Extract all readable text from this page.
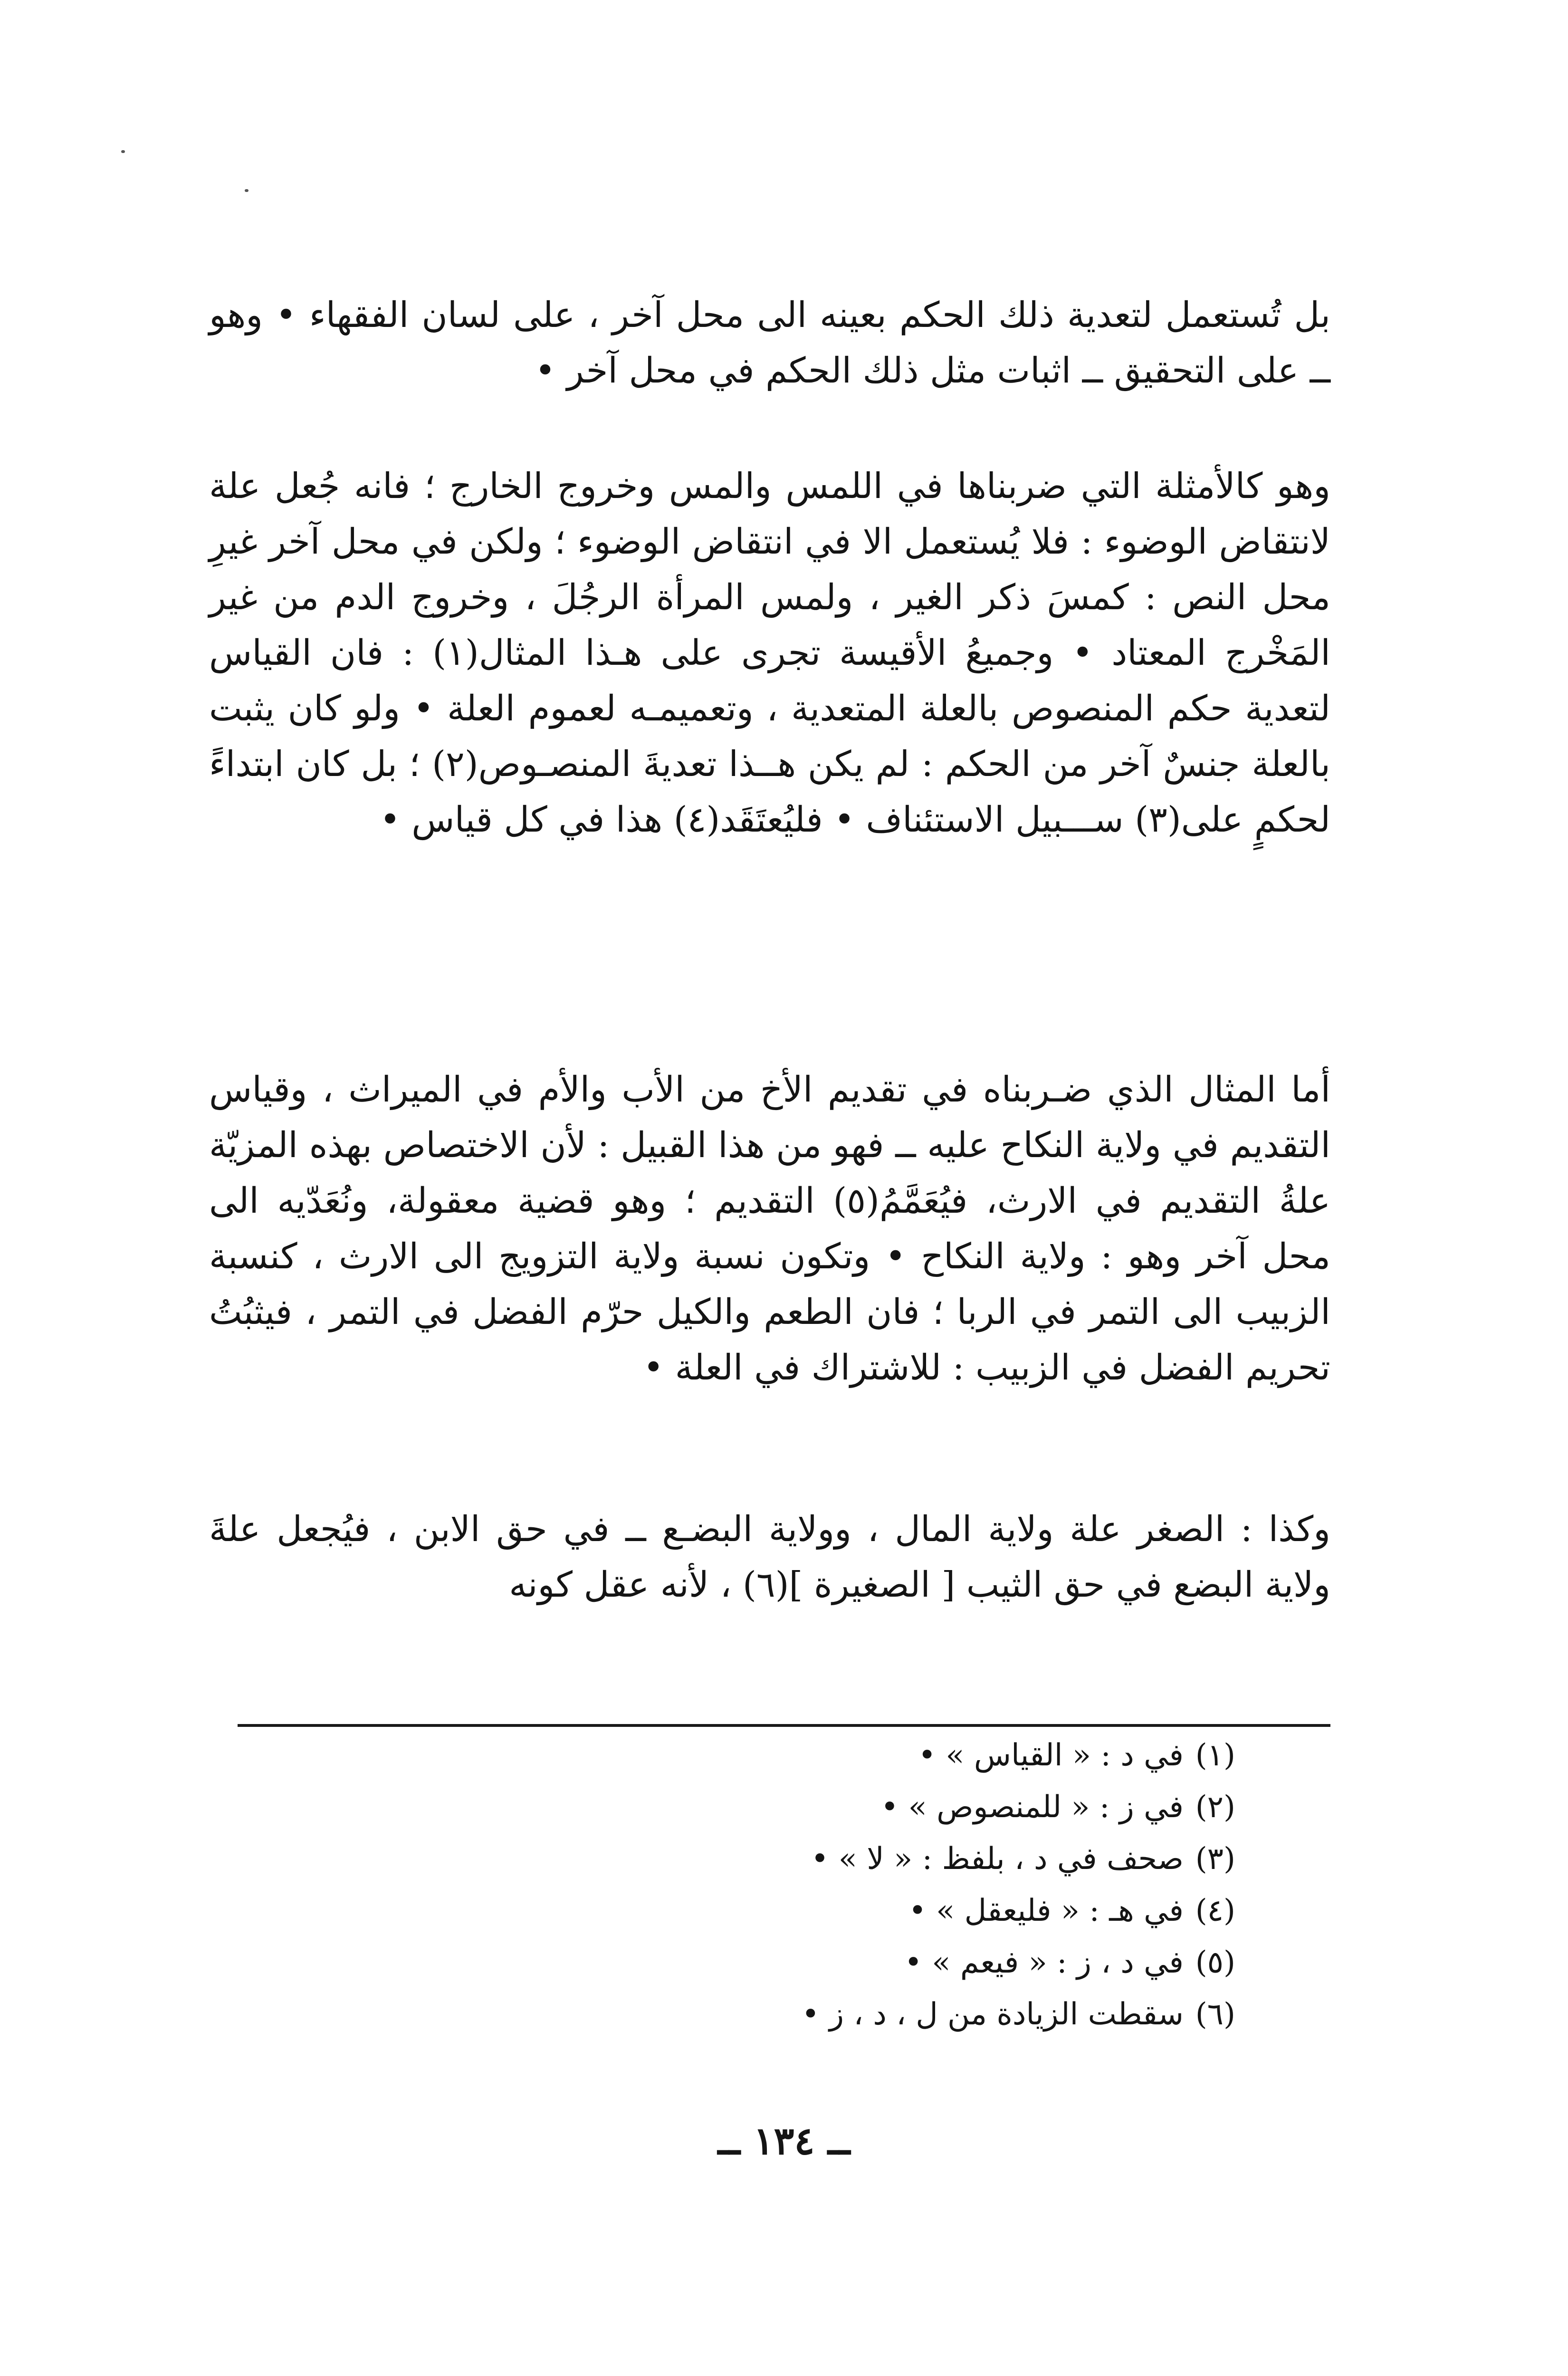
بل تُستعمل لتعدية ذلك الحكم بعينه الى محل آخر ، على لسان الفقهاء • وهو ــ على التحقيق ــ اثبات مثل ذلك الحكم في محل آخر •

وهو كالأمثلة التي ضربناها في اللمس والمس وخروج الخارج ؛ فانه جُعل علة لانتقاض الوضوء : فلا يُستعمل الا في انتقاض الوضوء ؛ ولكن في محل آخر غيرِ محل النص : كمسَ ذكر الغير ، ولمس المرأة الرجُلَ ، وخروج الدم من غير المَخْرج المعتاد • وجميعُ الأقيسة تجرى على هـذا المثال(١) : فان القياس لتعدية حكم المنصوص بالعلة المتعدية ، وتعميمـه لعموم العلة • ولو كان يثبت بالعلة جنسٌ آخر من الحكم : لم يكن هــذا تعديةَ المنصـوص(٢) ؛ بل كان ابتداءً لحكمٍ على(٣) ســـبيل الاستئناف • فليُعتَقَد(٤) هذا في كل قياس •

أما المثال الذي ضـربناه في تقديم الأخ من الأب والأم في الميراث ، وقياس التقديم في ولاية النكاح عليه ــ فهو من هذا القبيل : لأن الاختصاص بهذه المزيّة علةُ التقديم في الارث، فيُعَمَّمُ(٥) التقديم ؛ وهو قضية معقولة، ونُعَدّيه الى محل آخر وهو : ولاية النكاح • وتكون نسبة ولاية التزويج الى الارث ، كنسبة الزبيب الى التمر في الربا ؛ فان الطعم والكيل حرّم الفضل في التمر ، فيثبُتُ تحريم الفضل في الزبيب : للاشتراك في العلة •

وكذا : الصغر علة ولاية المال ، وولاية البضـع ــ في حق الابن ، فيُجعل علةَ ولاية البضع في حق الثيب [ الصغيرة ](٦) ، لأنه عقل كونه

(١)في د : « القياس » •
(٢)في ز : « للمنصوص » •
(٣)صحف في د ، بلفظ : « لا » •
(٤)في هـ : « فليعقل » •
(٥)في د ، ز : « فيعم » •
(٦)سقطت الزيادة من ل ، د ، ز •
ــ ١٣٤ ــ
